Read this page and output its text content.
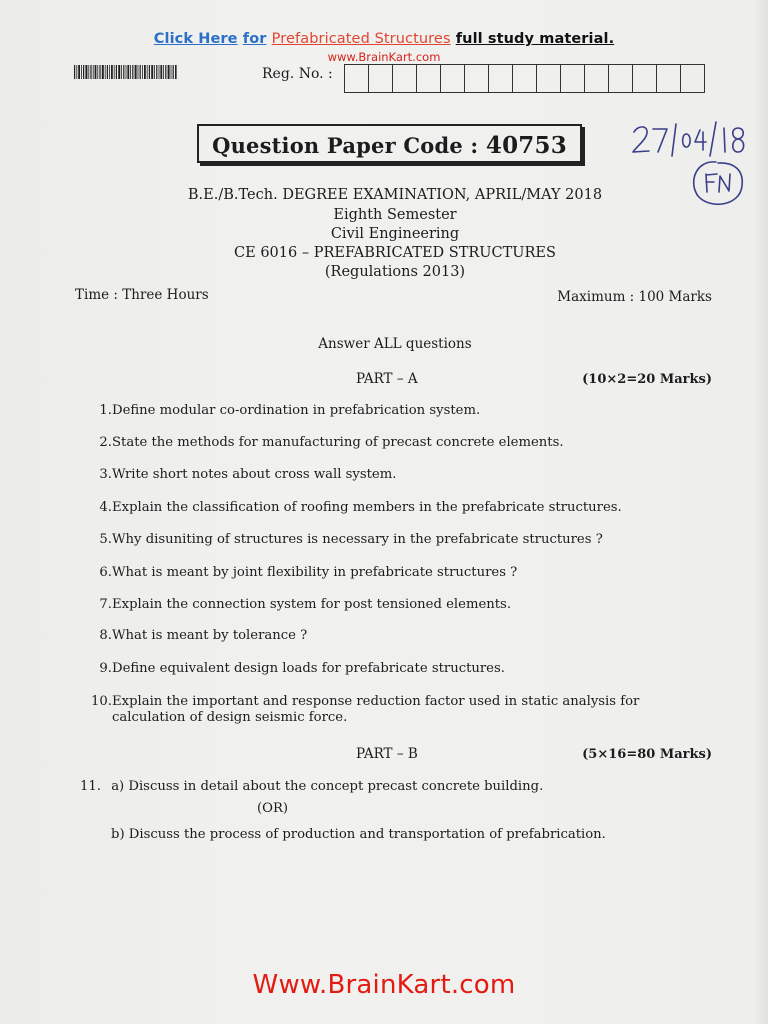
Click Here for Prefabricated Structures full study material.
www.BrainKart.com
Reg. No. :
Question Paper Code : 40753
B.E./B.Tech. DEGREE EXAMINATION, APRIL/MAY 2018
Eighth Semester
Civil Engineering
CE 6016 – PREFABRICATED STRUCTURES
(Regulations 2013)
Time : Three Hours	Maximum : 100 Marks
Answer ALL questions
PART – A	(10×2=20 Marks)
1. Define modular co-ordination in prefabrication system.
2. State the methods for manufacturing of precast concrete elements.
3. Write short notes about cross wall system.
4. Explain the classification of roofing members in the prefabricate structures.
5. Why disuniting of structures is necessary in the prefabricate structures ?
6. What is meant by joint flexibility in prefabricate structures ?
7. Explain the connection system for post tensioned elements.
8. What is meant by tolerance ?
9. Define equivalent design loads for prefabricate structures.
10. Explain the important and response reduction factor used in static analysis for calculation of design seismic force.
PART – B	(5×16=80 Marks)
11. a) Discuss in detail about the concept precast concrete building.
(OR)
b) Discuss the process of production and transportation of prefabrication.
Www.BrainKart.com
